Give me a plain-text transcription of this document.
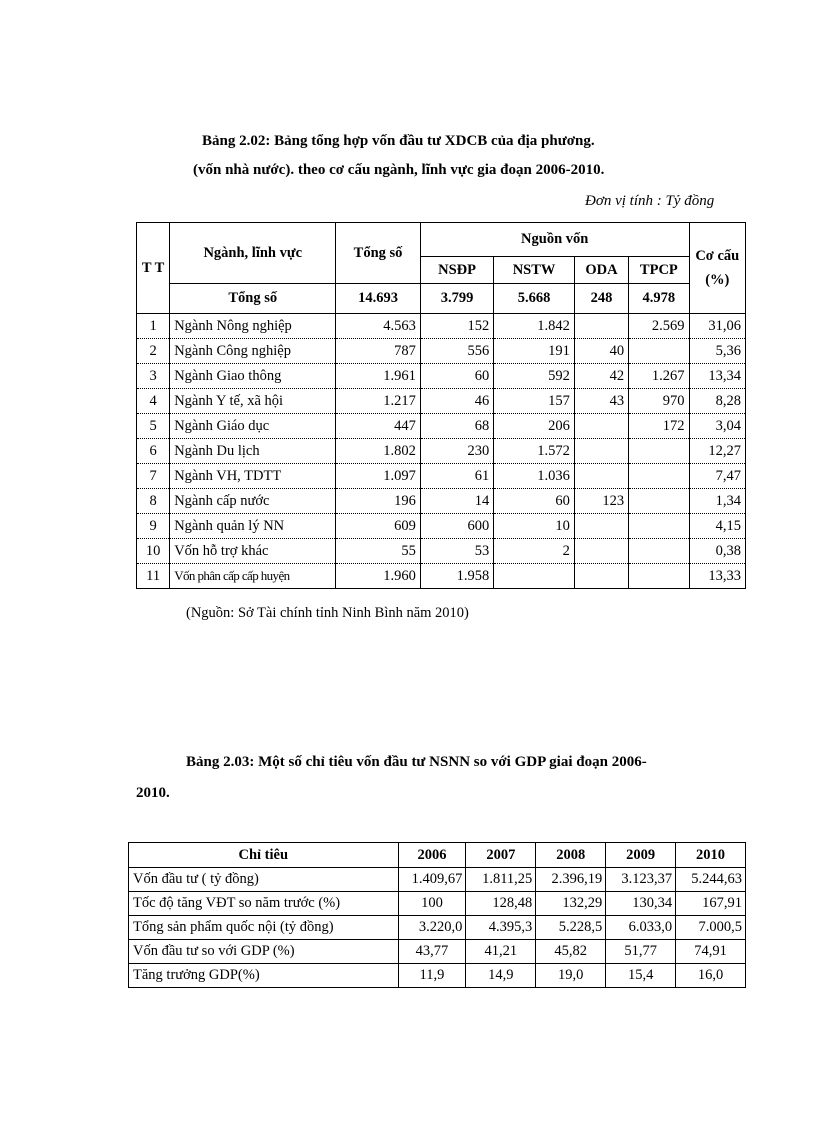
Bảng 2.02: Bảng tổng hợp vốn đầu tư XDCB của địa phương.
(vốn nhà nước). theo cơ cấu ngành, lĩnh vực gia đoạn 2006-2010.
Đơn vị tính : Tỷ đồng
T T	Ngành, lĩnh vực	Tổng số	Nguồn vốn				Cơ cấu (%)
			NSĐP	NSTW	ODA	TPCP	
	Tổng số	14.693	3.799	5.668	248	4.978	
1	Ngành Nông nghiệp	4.563	152	1.842		2.569	31,06
2	Ngành Công nghiệp	787	556	191	40		5,36
3	Ngành Giao thông	1.961	60	592	42	1.267	13,34
4	Ngành Y tế, xã hội	1.217	46	157	43	970	8,28
5	Ngành Giáo dục	447	68	206		172	3,04
6	Ngành Du lịch	1.802	230	1.572			12,27
7	Ngành VH, TDTT	1.097	61	1.036			7,47
8	Ngành cấp nước	196	14	60	123		1,34
9	Ngành quản lý NN	609	600	10			4,15
10	Vốn hỗ trợ khác	55	53	2			0,38
11	Vốn phân cấp cấp huyện	1.960	1.958				13,33
(Nguồn: Sở Tài chính tỉnh Ninh Bình năm 2010)
Bảng 2.03: Một số chỉ tiêu vốn đầu tư NSNN so với GDP giai đoạn 2006-
2010.
Chỉ tiêu	2006	2007	2008	2009	2010
Vốn đầu tư ( tỷ đồng)	1.409,67	1.811,25	2.396,19	3.123,37	5.244,63
Tốc độ tăng VĐT so năm trước (%)	100	128,48	132,29	130,34	167,91
Tổng sản phẩm quốc nội (tỷ đồng)	3.220,0	4.395,3	5.228,5	6.033,0	7.000,5
Vốn đầu tư so với GDP (%)	43,77	41,21	45,82	51,77	74,91
Tăng trưởng GDP(%)	11,9	14,9	19,0	15,4	16,0
